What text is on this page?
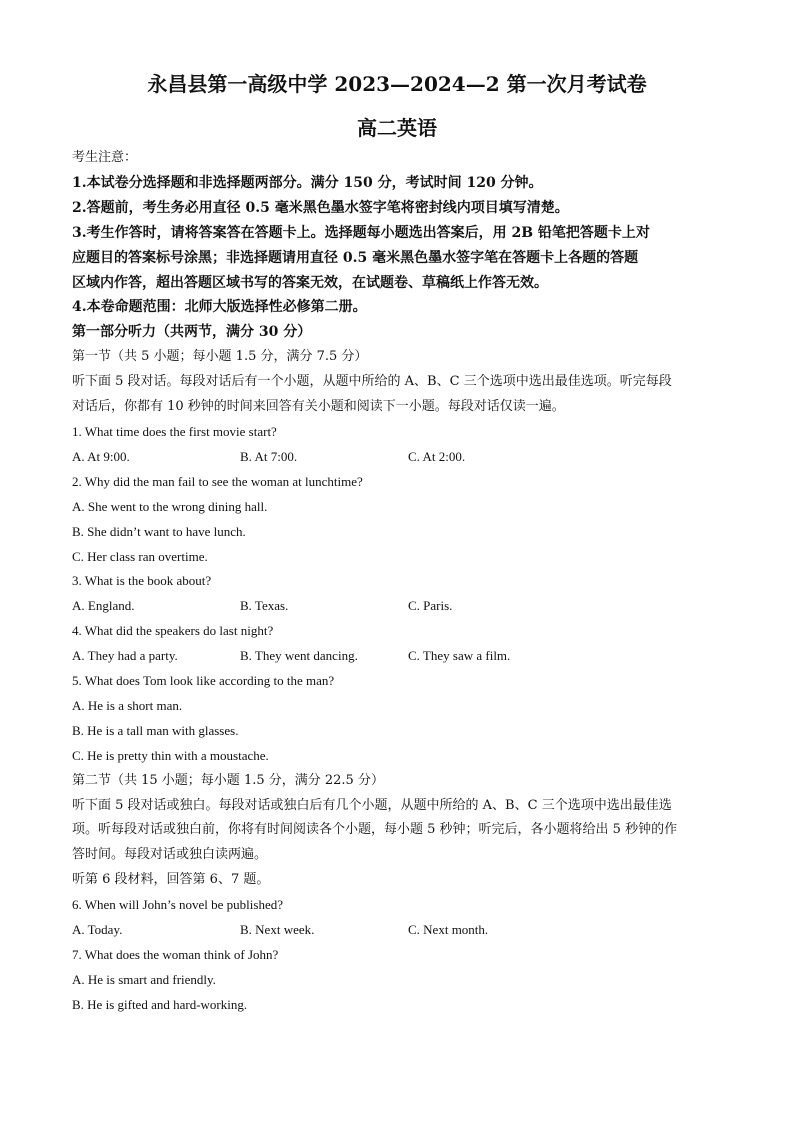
永昌县第一高级中学 2023—2024—2 第一次月考试卷
高二英语
考生注意：
1.本试卷分选择题和非选择题两部分。满分 150 分，考试时间 120 分钟。
2.答题前，考生务必用直径 0.5 毫米黑色墨水签字笔将密封线内项目填写清楚。
3.考生作答时，请将答案答在答题卡上。选择题每小题选出答案后，用 2B 铅笔把答题卡上对
应题目的答案标号涂黑；非选择题请用直径 0.5 毫米黑色墨水签字笔在答题卡上各题的答题
区域内作答，超出答题区域书写的答案无效，在试题卷、草稿纸上作答无效。
4.本卷命题范围：北师大版选择性必修第二册。
第一部分听力（共两节，满分 30 分）
第一节（共 5 小题；每小题 1.5 分，满分 7.5 分）
听下面 5 段对话。每段对话后有一个小题，从题中所给的 A、B、C 三个选项中选出最佳选项。听完每段
对话后，你都有 10 秒钟的时间来回答有关小题和阅读下一小题。每段对话仅读一遍。
1. What time does the first movie start?
A. At 9:00.	B. At 7:00.	C. At 2:00.
2. Why did the man fail to see the woman at lunchtime?
A. She went to the wrong dining hall.
B. She didn’t want to have lunch.
C. Her class ran overtime.
3. What is the book about?
A. England.	B. Texas.	C. Paris.
4. What did the speakers do last night?
A. They had a party.	B. They went dancing.	C. They saw a film.
5. What does Tom look like according to the man?
A. He is a short man.
B. He is a tall man with glasses.
C. He is pretty thin with a moustache.
第二节（共 15 小题；每小题 1.5 分，满分 22.5 分）
听下面 5 段对话或独白。每段对话或独白后有几个小题，从题中所给的 A、B、C 三个选项中选出最佳选
项。听每段对话或独白前，你将有时间阅读各个小题，每小题 5 秒钟；听完后，各小题将给出 5 秒钟的作
答时间。每段对话或独白读两遍。
听第 6 段材料，回答第 6、7 题。
6. When will John’s novel be published?
A. Today.	B. Next week.	C. Next month.
7. What does the woman think of John?
A. He is smart and friendly.
B. He is gifted and hard-working.
